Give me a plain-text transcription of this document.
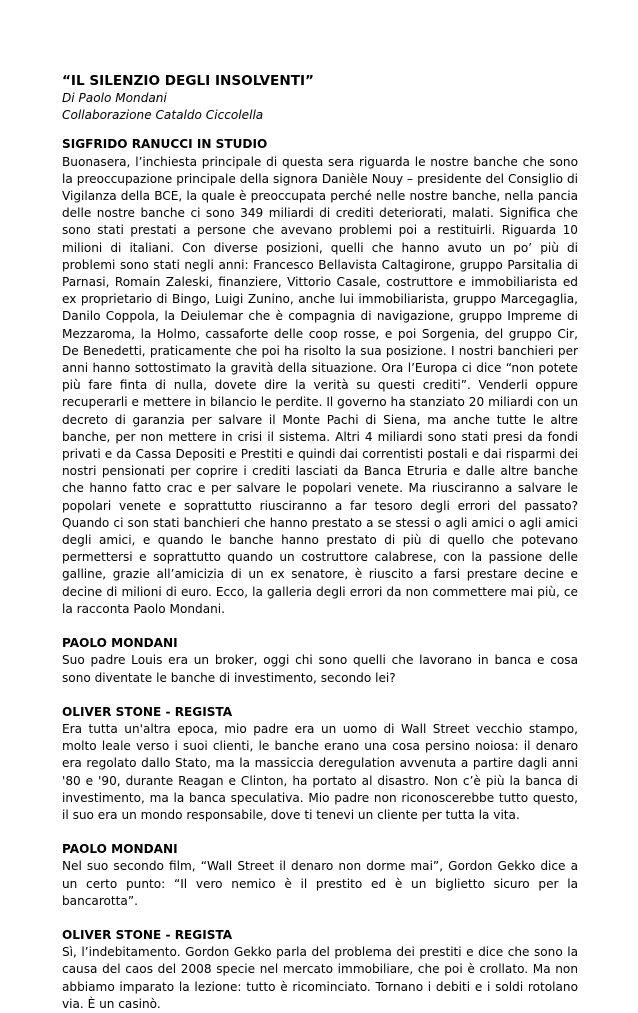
“IL SILENZIO DEGLI INSOLVENTI”

Di Paolo Mondani

Collaborazione Cataldo Ciccolella

SIGFRIDO RANUCCI IN STUDIO

Buonasera, l’inchiesta principale di questa sera riguarda le nostre banche che sono la preoccupazione principale della signora Danièle Nouy – presidente del Consiglio di Vigilanza della BCE, la quale è preoccupata perché nelle nostre banche, nella pancia delle nostre banche ci sono 349 miliardi di crediti deteriorati, malati. Significa che sono stati prestati a persone che avevano problemi poi a restituirli. Riguarda 10 milioni di italiani. Con diverse posizioni, quelli che hanno avuto un po’ più di problemi sono stati negli anni: Francesco Bellavista Caltagirone, gruppo Parsitalia di Parnasi, Romain Zaleski, finanziere, Vittorio Casale, costruttore e immobiliarista ed ex proprietario di Bingo, Luigi Zunino, anche lui immobiliarista, gruppo Marcegaglia, Danilo Coppola, la Deiulemar che è compagnia di navigazione, gruppo Impreme di Mezzaroma, la Holmo, cassaforte delle coop rosse, e poi Sorgenia, del gruppo Cir, De Benedetti, praticamente che poi ha risolto la sua posizione. I nostri banchieri per anni hanno sottostimato la gravità della situazione. Ora l’Europa ci dice “non potete più fare finta di nulla, dovete dire la verità su questi crediti”. Venderli oppure recuperarli e mettere in bilancio le perdite. Il governo ha stanziato 20 miliardi con un decreto di garanzia per salvare il Monte Pachi di Siena, ma anche tutte le altre banche, per non mettere in crisi il sistema. Altri 4 miliardi sono stati presi da fondi privati e da Cassa Depositi e Prestiti e quindi dai correntisti postali e dai risparmi dei nostri pensionati per coprire i crediti lasciati da Banca Etruria e dalle altre banche che hanno fatto crac e per salvare le popolari venete. Ma riusciranno a salvare le popolari venete e soprattutto riusciranno a far tesoro degli errori del passato? Quando ci son stati banchieri che hanno prestato a se stessi o agli amici o agli amici degli amici, e quando le banche hanno prestato di più di quello che potevano permettersi e soprattutto quando un costruttore calabrese, con la passione delle galline, grazie all’amicizia di un ex senatore, è riuscito a farsi prestare decine e decine di milioni di euro. Ecco, la galleria degli errori da non commettere mai più, ce la racconta Paolo Mondani.

PAOLO MONDANI

Suo padre Louis era un broker, oggi chi sono quelli che lavorano in banca e cosa sono diventate le banche di investimento, secondo lei?

OLIVER STONE - REGISTA

Era tutta un'altra epoca, mio padre era un uomo di Wall Street vecchio stampo, molto leale verso i suoi clienti, le banche erano una cosa persino noiosa: il denaro era regolato dallo Stato, ma la massiccia deregulation avvenuta a partire dagli anni '80 e '90, durante Reagan e Clinton, ha portato al disastro. Non c’è più la banca di investimento, ma la banca speculativa. Mio padre non riconoscerebbe tutto questo, il suo era un mondo responsabile, dove ti tenevi un cliente per tutta la vita.

PAOLO MONDANI

Nel suo secondo film, “Wall Street il denaro non dorme mai”, Gordon Gekko dice a un certo punto: “Il vero nemico è il prestito ed è un biglietto sicuro per la bancarotta”.

OLIVER STONE - REGISTA

Sì, l’indebitamento. Gordon Gekko parla del problema dei prestiti e dice che sono la causa del caos del 2008 specie nel mercato immobiliare, che poi è crollato. Ma non abbiamo imparato la lezione: tutto è ricominciato. Tornano i debiti e i soldi rotolano via. È un casinò.
